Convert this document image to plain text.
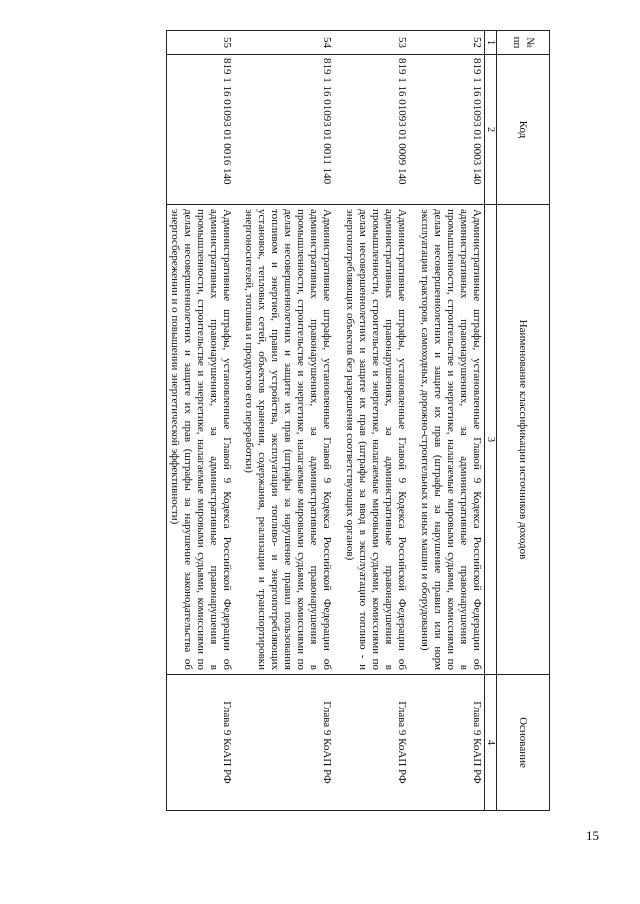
15
№ пп	Код	Наименование классификации источников доходов	Основание
1	2	3	4
52	819 1 16 01093 01 0003 140	Административные штрафы, установленные Главой 9 Кодекса Российской Федерации об административных правонарушениях, за административные правонарушения в промышленности, строительстве и энергетике, налагаемые мировыми судьями, комиссиями по делам несовершеннолетних и защите их прав (штрафы за нарушение правил или норм эксплуатации тракторов, самоходных, дорожно-строительных и иных машин и оборудования)	Глава 9 КоАП РФ

53	819 1 16 01093 01 0009 140	Административные штрафы, установленные Главой 9 Кодекса Российской Федерации об административных правонарушениях, за административные правонарушения в промышленности, строительстве и энергетике, налагаемые мировыми судьями, комиссиями по делам несовершеннолетних и защите их прав (штрафы за ввод в эксплуатацию топливо - и энергопотребляющих объектов без разрешения соответствующих органов)	Глава 9 КоАП РФ

54	819 1 16 01093 01 0011 140	Административные штрафы, установленные Главой 9 Кодекса Российской Федерации об административных правонарушениях, за административные правонарушения в промышленности, строительстве и энергетике, налагаемые мировыми судьями, комиссиями по делам несовершеннолетних и защите их прав (штрафы за нарушение правил пользования топливом и энергией, правил устройства, эксплуатации топливо- и энергопотребляющих установок, тепловых сетей, объектов хранения, содержания, реализации и транспортировки энергоносителей, топлива и продуктов его переработки)	Глава 9 КоАП РФ

55	819 1 16 01093 01 0016 140	Административные штрафы, установленные Главой 9 Кодекса Российской Федерации об административных правонарушениях, за административные правонарушения в промышленности, строительстве и энергетике, налагаемые мировыми судьями, комиссиями по делам несовершеннолетних и защите их прав (штрафы за нарушение законодательства об энергосбережении и о повышении энергетической эффективности)	Глава 9 КоАП РФ
